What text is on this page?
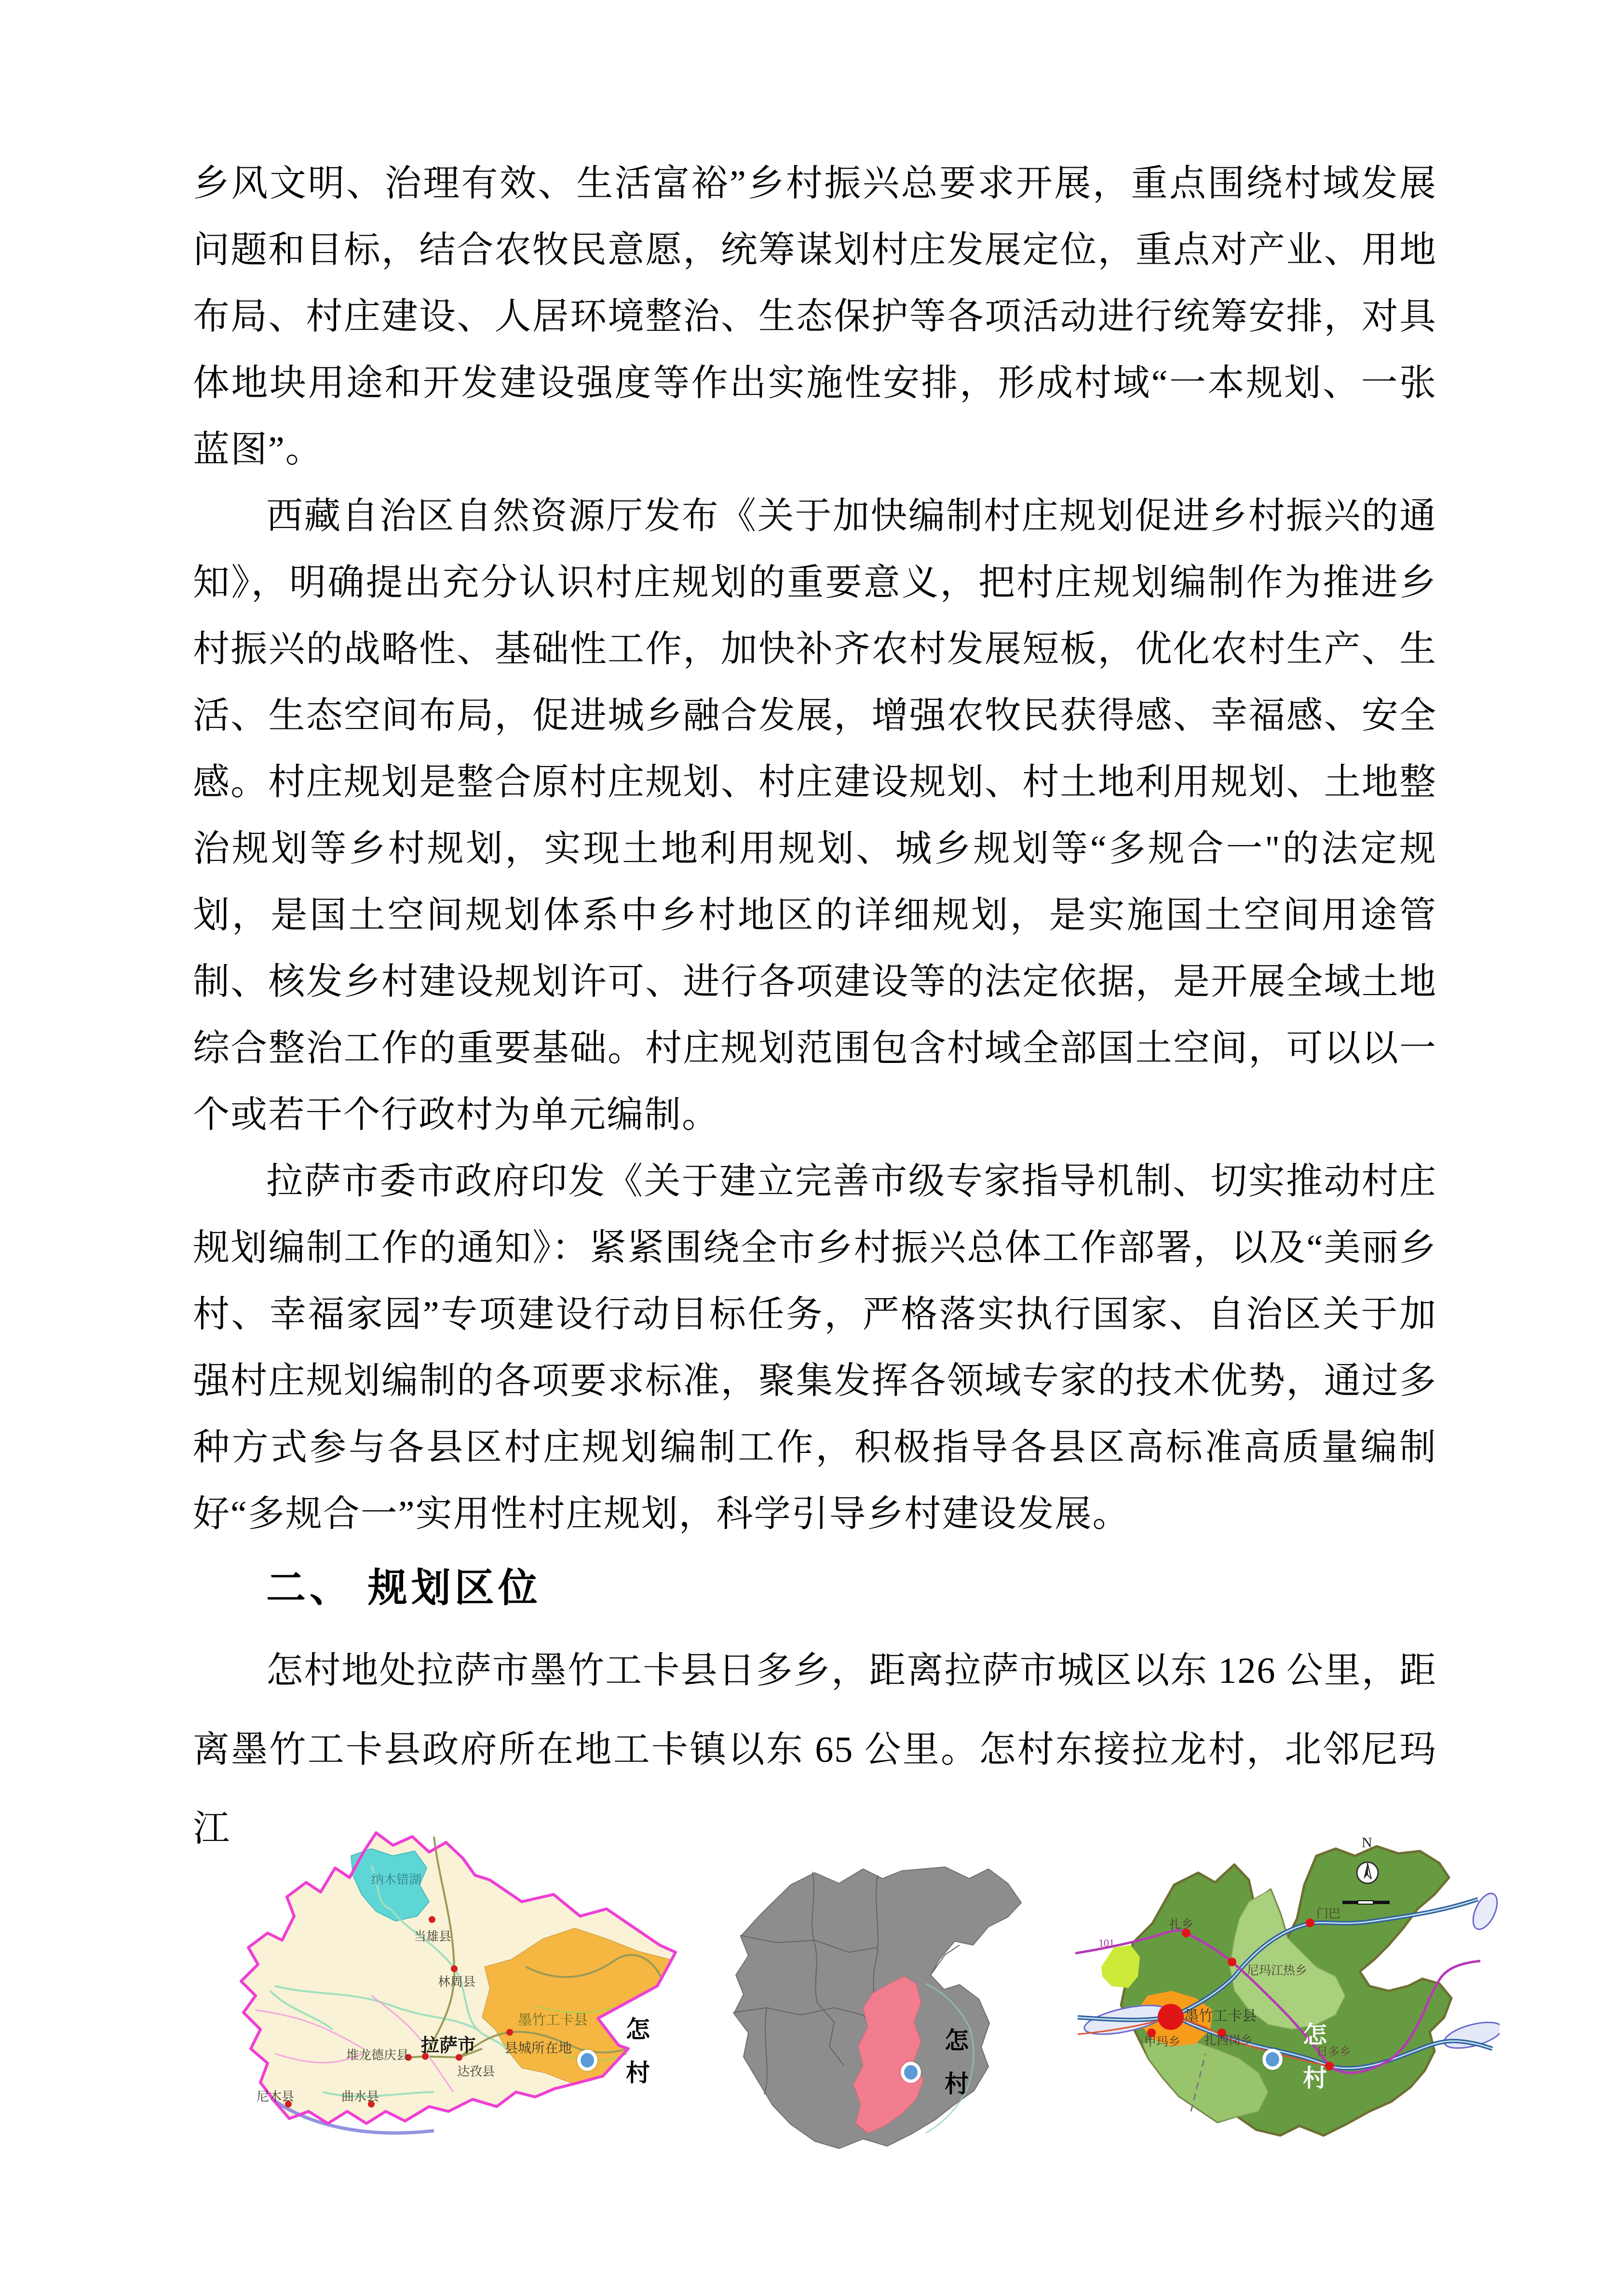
乡风文明、治理有效、生活富裕”乡村振兴总要求开展，重点围绕村域发展问题和目标，结合农牧民意愿，统筹谋划村庄发展定位，重点对产业、用地布局、村庄建设、人居环境整治、生态保护等各项活动进行统筹安排，对具体地块用途和开发建设强度等作出实施性安排，形成村域“一本规划、一张蓝图”。

西藏自治区自然资源厅发布《关于加快编制村庄规划促进乡村振兴的通知》，明确提出充分认识村庄规划的重要意义，把村庄规划编制作为推进乡村振兴的战略性、基础性工作，加快补齐农村发展短板，优化农村生产、生活、生态空间布局，促进城乡融合发展，增强农牧民获得感、幸福感、安全感。村庄规划是整合原村庄规划、村庄建设规划、村土地利用规划、土地整治规划等乡村规划，实现土地利用规划、城乡规划等“多规合一"的法定规划，是国土空间规划体系中乡村地区的详细规划，是实施国土空间用途管制、核发乡村建设规划许可、进行各项建设等的法定依据，是开展全域土地综合整治工作的重要基础。村庄规划范围包含村域全部国土空间，可以以一个或若干个行政村为单元编制。

拉萨市委市政府印发《关于建立完善市级专家指导机制、切实推动村庄规划编制工作的通知》：紧紧围绕全市乡村振兴总体工作部署，以及“美丽乡村、幸福家园”专项建设行动目标任务，严格落实执行国家、自治区关于加强村庄规划编制的各项要求标准，聚集发挥各领域专家的技术优势，通过多种方式参与各县区村庄规划编制工作，积极指导各县区高标准高质量编制好“多规合一”实用性村庄规划，科学引导乡村建设发展。

二、 规划区位

怎村地处拉萨市墨竹工卡县日多乡，距离拉萨市城区以东 126 公里，距离墨竹工卡县政府所在地工卡镇以东 65 公里。怎村东接拉龙村，北邻尼玛江

纳木错湖
当雄县
林周县
拉萨市
堆龙德庆县
达孜县
尼木县	曲水县
墨竹工卡县
县城所在地
扎乡
门巴
尼玛江热乡
墨竹工卡县
甲玛乡 扎西岗乡
日多乡
101
N
怎村	怎村	怎村
